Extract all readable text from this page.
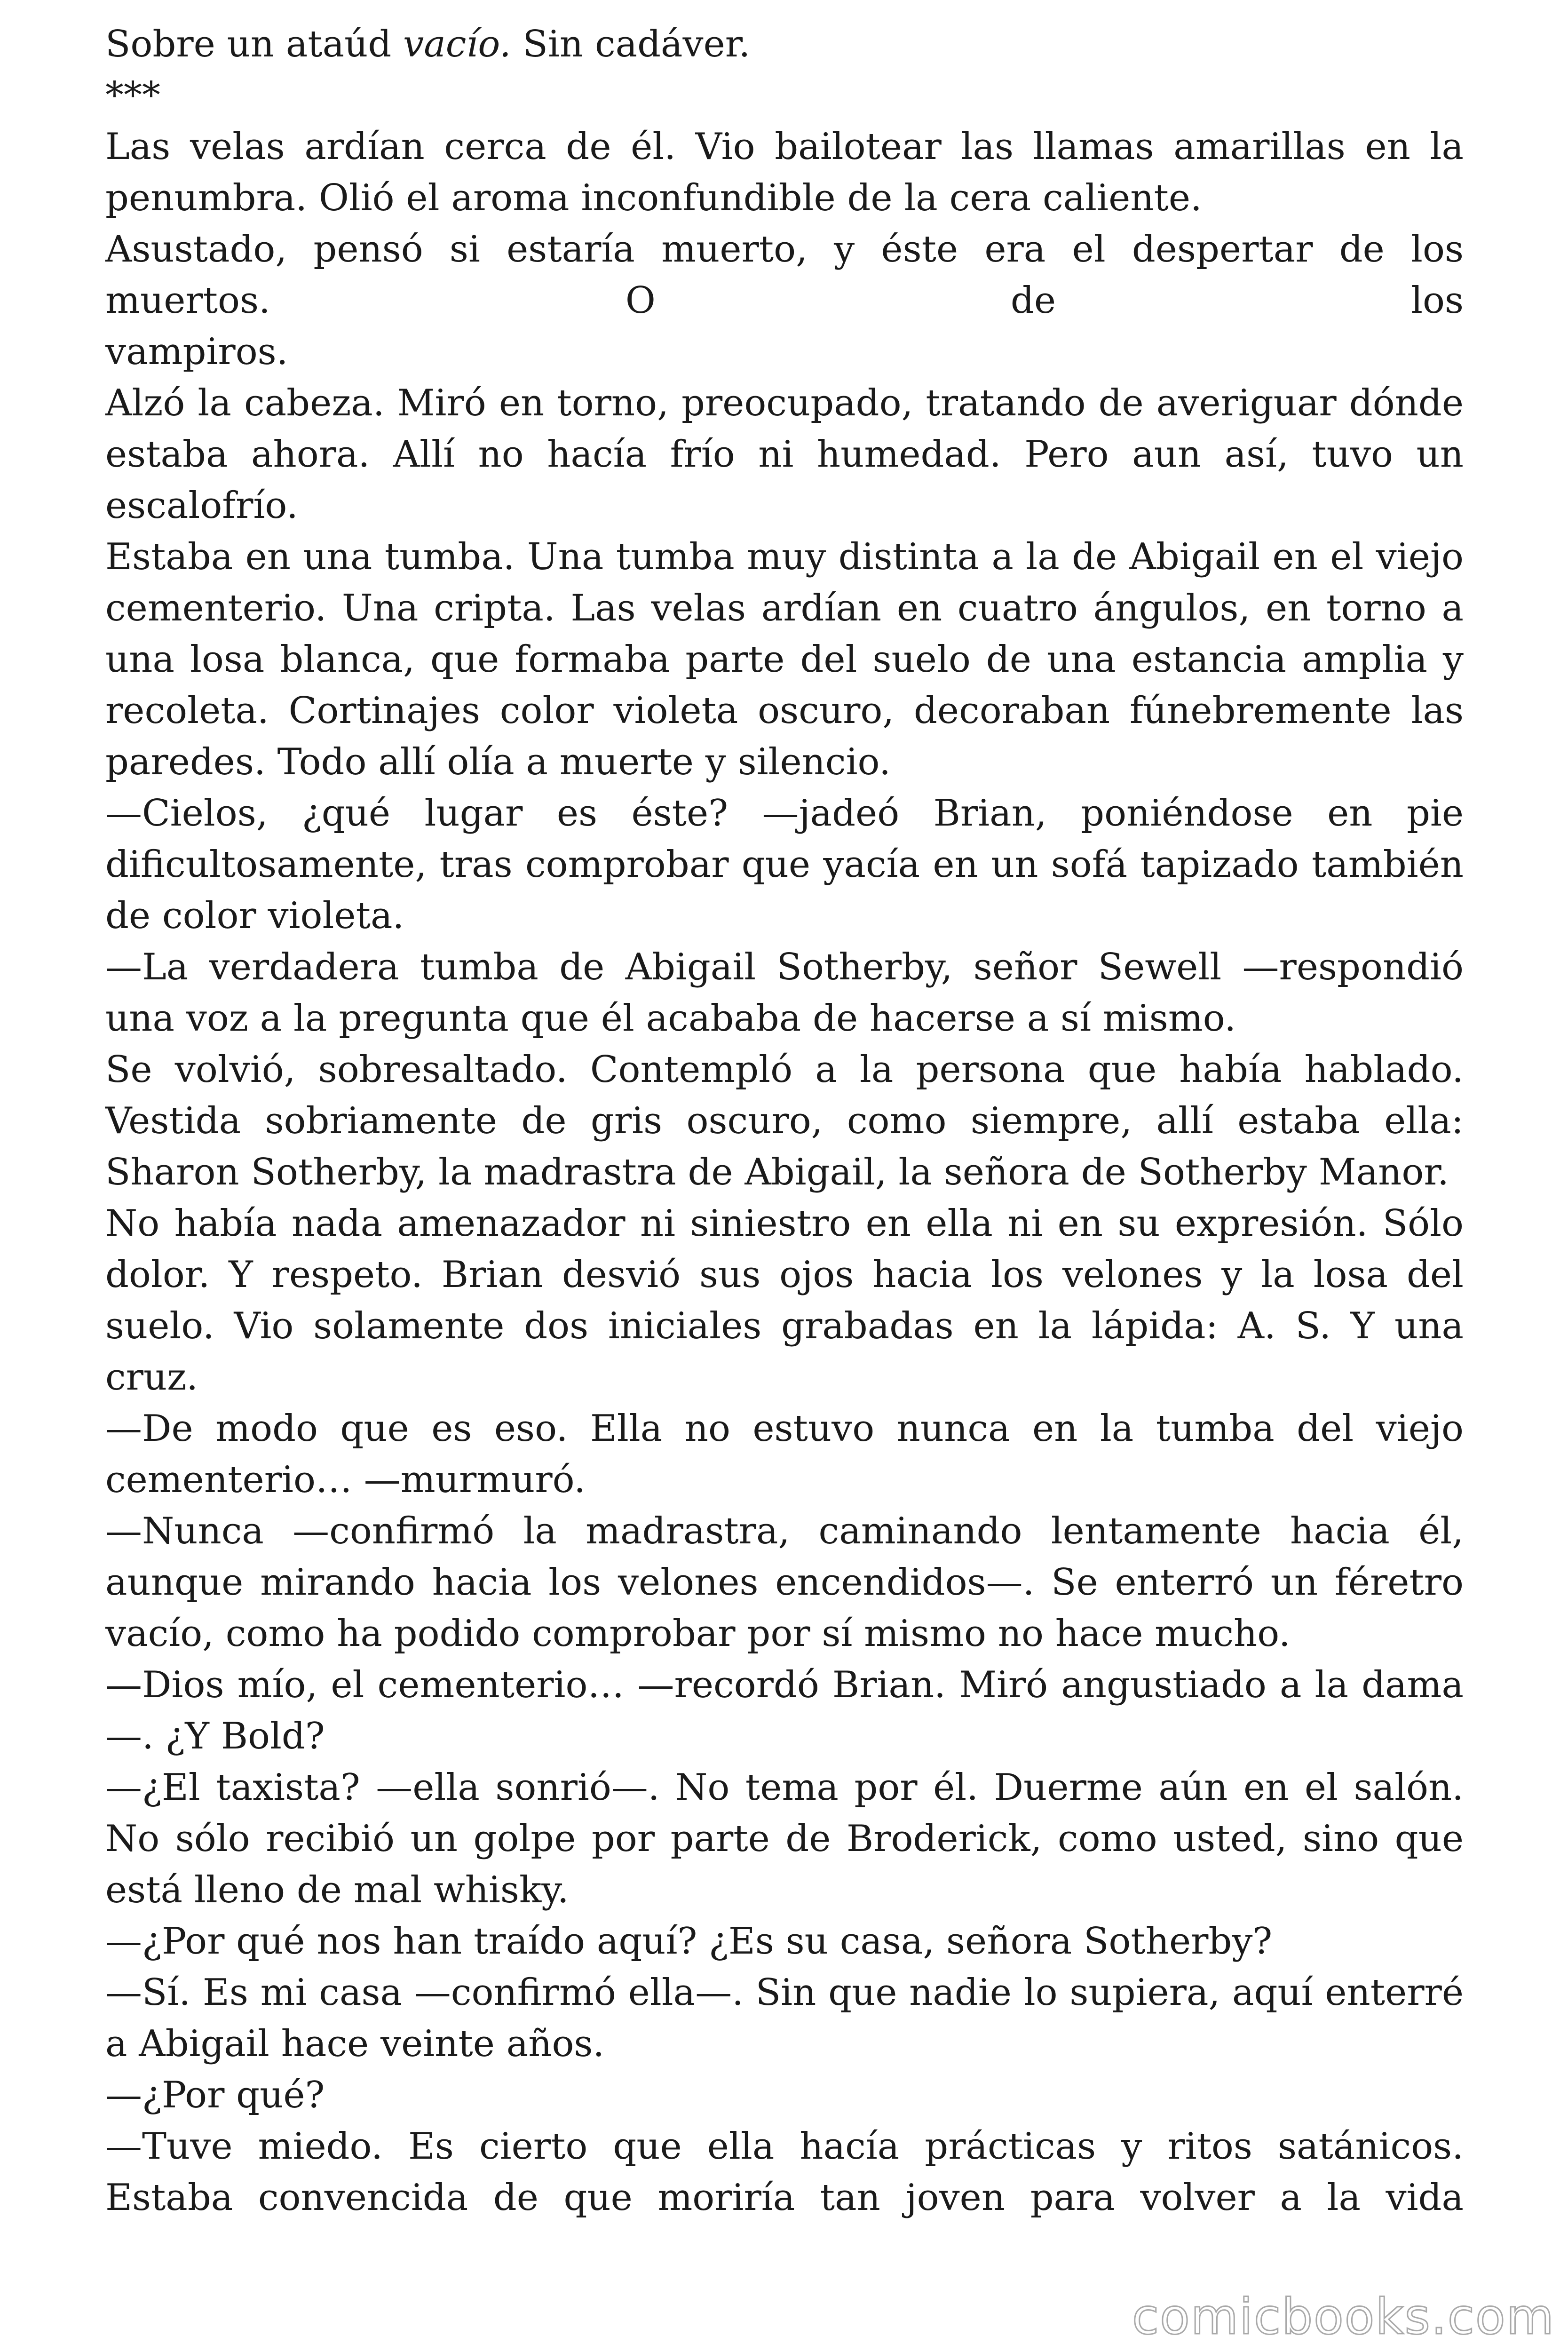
Sobre un ataúd vacío. Sin cadáver.

***

Las velas ardían cerca de él. Vio bailotear las llamas amarillas en la penumbra. Olió el aroma inconfundible de la cera caliente.

Asustado, pensó si estaría muerto, y éste era el despertar de los muertos. O de los

vampiros.

Alzó la cabeza. Miró en torno, preocupado, tratando de averiguar dónde estaba ahora. Allí no hacía frío ni humedad. Pero aun así, tuvo un escalofrío.

Estaba en una tumba. Una tumba muy distinta a la de Abigail en el viejo cementerio. Una cripta. Las velas ardían en cuatro ángulos, en torno a una losa blanca, que formaba parte del suelo de una estancia amplia y recoleta. Cortinajes color violeta oscuro, decoraban fúnebremente las paredes. Todo allí olía a muerte y silencio.

—Cielos, ¿qué lugar es éste? —jadeó Brian, poniéndose en pie dificultosamente, tras comprobar que yacía en un sofá tapizado también de color violeta.

—La verdadera tumba de Abigail Sotherby, señor Sewell —respondió una voz a la pregunta que él acababa de hacerse a sí mismo.

Se volvió, sobresaltado. Contempló a la persona que había hablado. Vestida sobriamente de gris oscuro, como siempre, allí estaba ella: Sharon Sotherby, la madrastra de Abigail, la señora de Sotherby Manor.

No había nada amenazador ni siniestro en ella ni en su expresión. Sólo dolor. Y respeto. Brian desvió sus ojos hacia los velones y la losa del suelo. Vio solamente dos iniciales grabadas en la lápida: A. S. Y una cruz.

—De modo que es eso. Ella no estuvo nunca en la tumba del viejo cementerio… —murmuró.

—Nunca —confirmó la madrastra, caminando lentamente hacia él, aunque mirando hacia los velones encendidos—. Se enterró un féretro vacío, como ha podido comprobar por sí mismo no hace mucho.

—Dios mío, el cementerio… —recordó Brian. Miró angustiado a la dama—. ¿Y Bold?

—¿El taxista? —ella sonrió—. No tema por él. Duerme aún en el salón. No sólo recibió un golpe por parte de Broderick, como usted, sino que está lleno de mal whisky.

—¿Por qué nos han traído aquí? ¿Es su casa, señora Sotherby?

—Sí. Es mi casa —confirmó ella—. Sin que nadie lo supiera, aquí enterré a Abigail hace veinte años.

—¿Por qué?

—Tuve miedo. Es cierto que ella hacía prácticas y ritos satánicos. Estaba convencida de que moriría tan joven para volver a la vida

comicbooks.com
